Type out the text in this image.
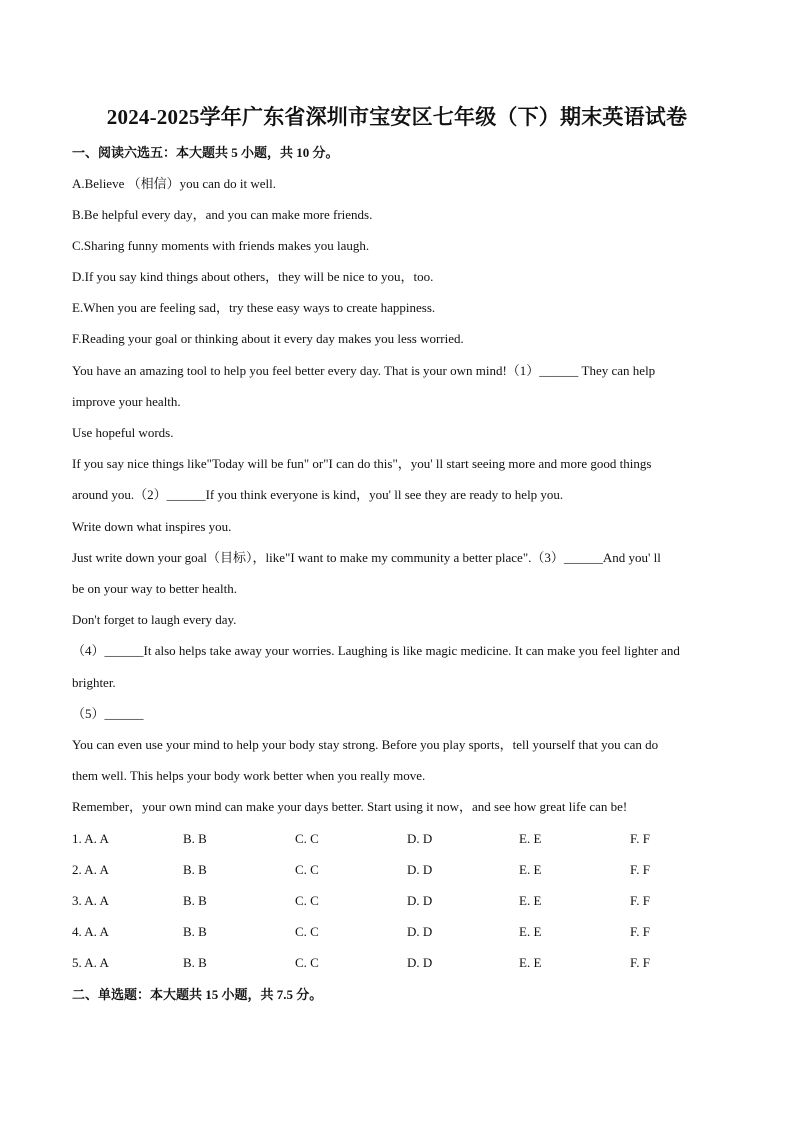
2024-2025学年广东省深圳市宝安区七年级（下）期末英语试卷
一、阅读六选五：本大题共 5 小题，共 10 分。
A.Believe （相信）you can do it well.
B.Be helpful every day，and you can make more friends.
C.Sharing funny moments with friends makes you laugh.
D.If you say kind things about others，they will be nice to you，too.
E.When you are feeling sad，try these easy ways to create happiness.
F.Reading your goal or thinking about it every day makes you less worried.
You have an amazing tool to help you feel better every day. That is your own mind!（1）______ They can help
improve your health.
Use hopeful words.
If you say nice things like"Today will be fun" or"I can do this"，you' ll start seeing more and more good things
around you.（2）______If you think everyone is kind，you' ll see they are ready to help you.
Write down what inspires you.
Just write down your goal（目标），like"I want to make my community a better place".（3）______And you' ll
be on your way to better health.
Don't forget to laugh every day.
（4）______It also helps take away your worries. Laughing is like magic medicine. It can make you feel lighter and
brighter.
（5）______
You can even use your mind to help your body stay strong. Before you play sports，tell yourself that you can do
them well. This helps your body work better when you really move.
Remember，your own mind can make your days better. Start using it now，and see how great life can be!
1. A. A	B. B	C. C	D. D	E. E	F. F
2. A. A	B. B	C. C	D. D	E. E	F. F
3. A. A	B. B	C. C	D. D	E. E	F. F
4. A. A	B. B	C. C	D. D	E. E	F. F
5. A. A	B. B	C. C	D. D	E. E	F. F
二、单选题：本大题共 15 小题，共 7.5 分。
